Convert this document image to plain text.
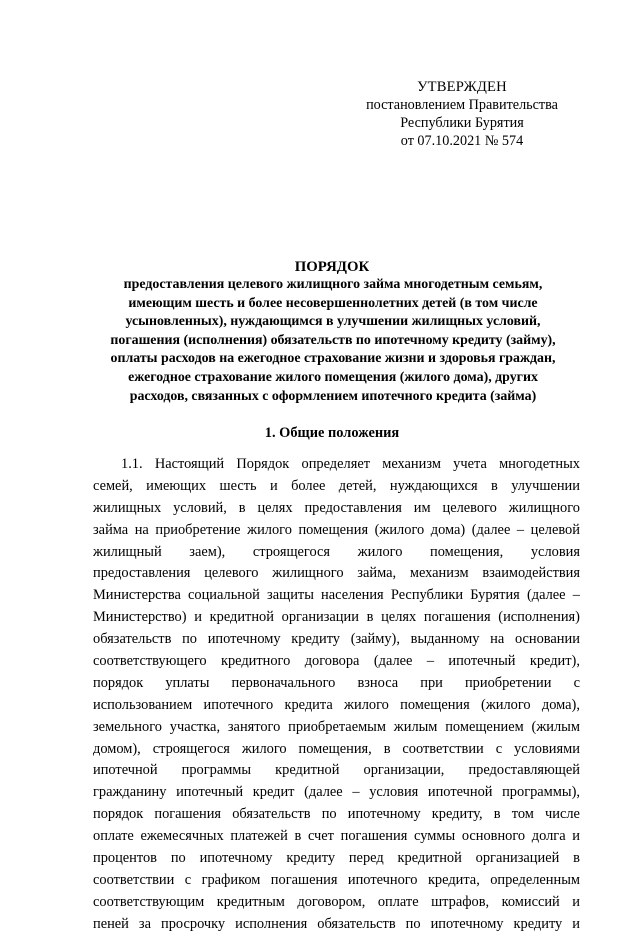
УТВЕРЖДЕН
постановлением Правительства
Республики Бурятия
от 07.10.2021 № 574
ПОРЯДОК
предоставления целевого жилищного займа многодетным семьям,
имеющим шесть и более несовершеннолетних детей (в том числе
усыновленных), нуждающимся в улучшении жилищных условий,
погашения (исполнения) обязательств по ипотечному кредиту (займу),
оплаты расходов на ежегодное страхование жизни и здоровья граждан,
ежегодное страхование жилого помещения (жилого дома), других
расходов, связанных с оформлением ипотечного кредита (займа)
1. Общие положения
1.1. Настоящий Порядок определяет механизм учета многодетных
семей, имеющих шесть и более детей, нуждающихся в улучшении
жилищных условий, в целях предоставления им целевого жилищного
займа на приобретение жилого помещения (жилого дома) (далее – целевой
жилищный заем), строящегося жилого помещения, условия
предоставления целевого жилищного займа, механизм взаимодействия
Министерства социальной защиты населения Республики Бурятия (далее –
Министерство) и кредитной организации в целях погашения (исполнения)
обязательств по ипотечному кредиту (займу), выданному на основании
соответствующего кредитного договора (далее – ипотечный кредит),
порядок уплаты первоначального взноса при приобретении с
использованием ипотечного кредита жилого помещения (жилого дома),
земельного участка, занятого приобретаемым жилым помещением (жилым
домом), строящегося жилого помещения, в соответствии с условиями
ипотечной программы кредитной организации, предоставляющей
гражданину ипотечный кредит (далее – условия ипотечной программы),
порядок погашения обязательств по ипотечному кредиту, в том числе
оплате ежемесячных платежей в счет погашения суммы основного долга и
процентов по ипотечному кредиту перед кредитной организацией в
соответствии с графиком погашения ипотечного кредита, определенным
соответствующим кредитным договором, оплате штрафов, комиссий и
пеней за просрочку исполнения обязательств по ипотечному кредиту и
